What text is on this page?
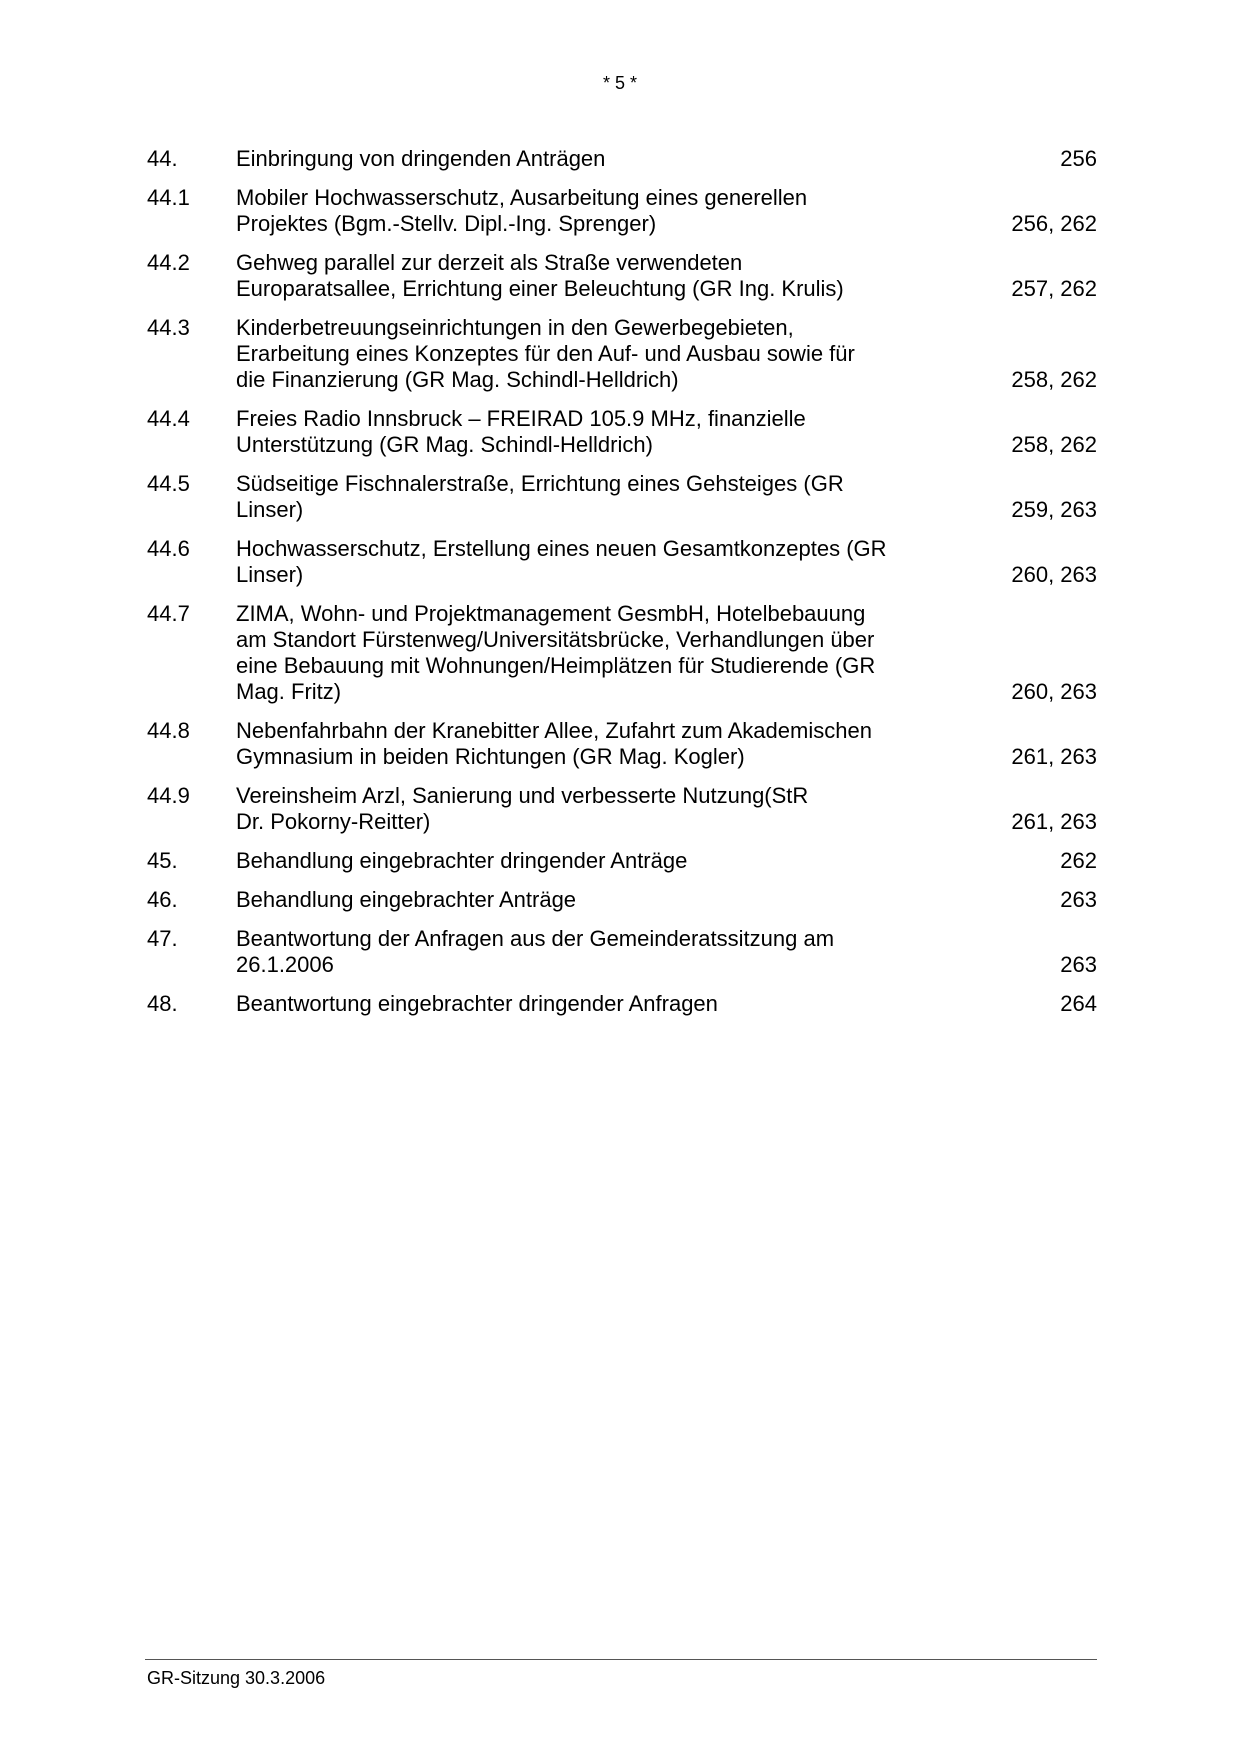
* 5 *
44.	Einbringung von dringenden Anträgen	256
44.1	Mobiler Hochwasserschutz, Ausarbeitung eines generellen
Projektes (Bgm.-Stellv. Dipl.-Ing. Sprenger)	256, 262
44.2	Gehweg parallel zur derzeit als Straße verwendeten
Europaratsallee, Errichtung einer Beleuchtung (GR Ing. Krulis)	257, 262
44.3	Kinderbetreuungseinrichtungen in den Gewerbegebieten,
Erarbeitung eines Konzeptes für den Auf- und Ausbau sowie für
die Finanzierung (GR Mag. Schindl-Helldrich)	258, 262
44.4	Freies Radio Innsbruck – FREIRAD 105.9 MHz, finanzielle
Unterstützung (GR Mag. Schindl-Helldrich)	258, 262
44.5	Südseitige Fischnalerstraße, Errichtung eines Gehsteiges (GR
Linser)	259, 263
44.6	Hochwasserschutz, Erstellung eines neuen Gesamtkonzeptes (GR
Linser)	260, 263
44.7	ZIMA, Wohn- und Projektmanagement GesmbH, Hotelbebauung
am Standort Fürstenweg/Universitätsbrücke, Verhandlungen über
eine Bebauung mit Wohnungen/Heimplätzen für Studierende (GR
Mag. Fritz)	260, 263
44.8	Nebenfahrbahn der Kranebitter Allee, Zufahrt zum Akademischen
Gymnasium in beiden Richtungen (GR Mag. Kogler)	261, 263
44.9	Vereinsheim Arzl, Sanierung und verbesserte Nutzung(StR
Dr. Pokorny-Reitter)	261, 263
45.	Behandlung eingebrachter dringender Anträge	262
46.	Behandlung eingebrachter Anträge	263
47.	Beantwortung der Anfragen aus der Gemeinderatssitzung am
26.1.2006	263
48.	Beantwortung eingebrachter dringender Anfragen	264
GR-Sitzung 30.3.2006
